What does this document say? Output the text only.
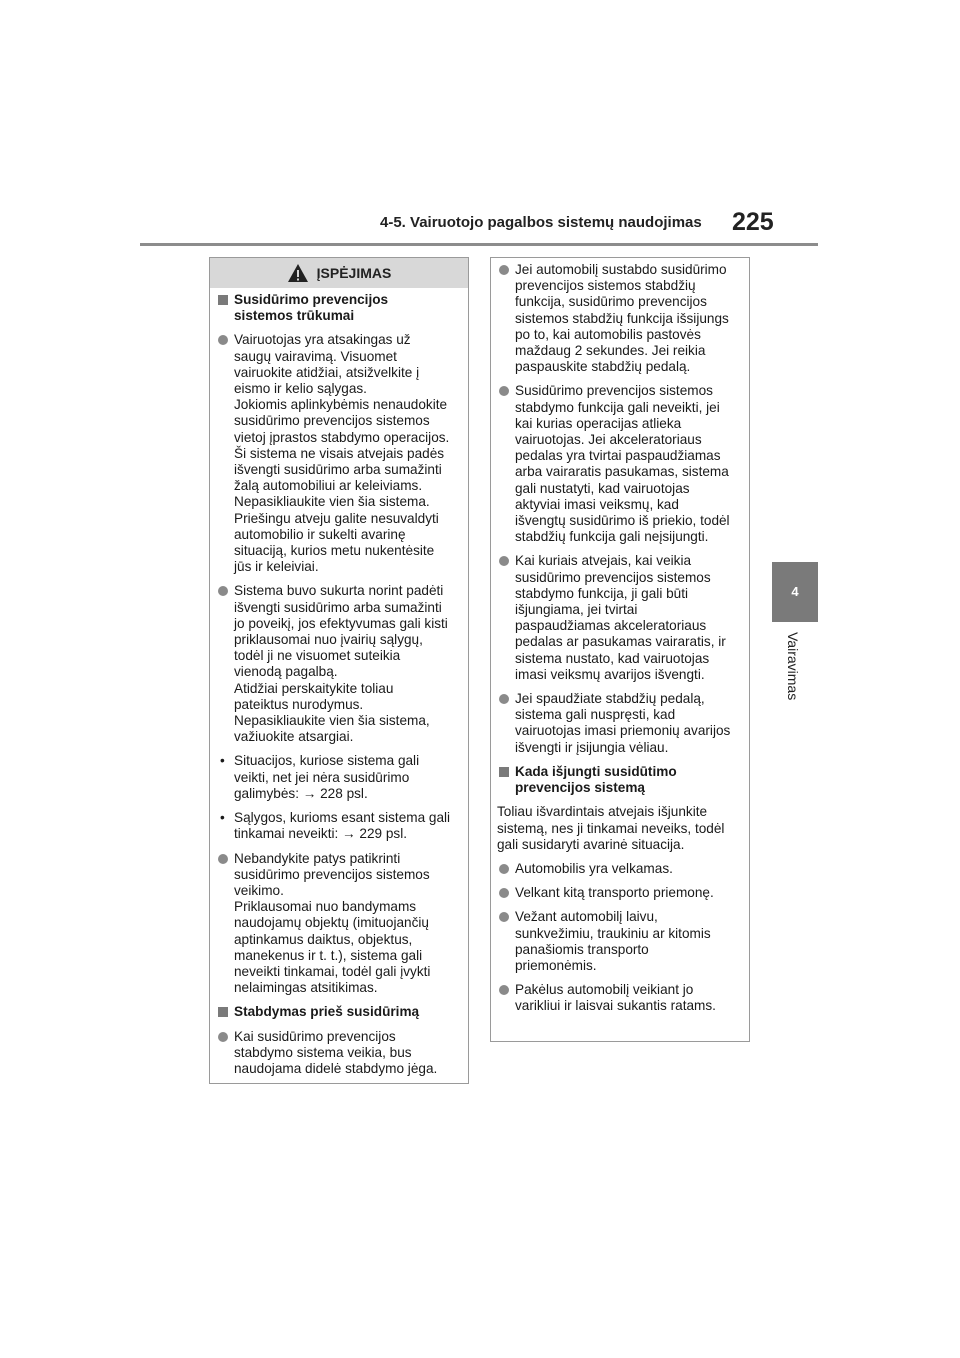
4-5. Vairuotojo pagalbos sistemų naudojimas 225
4
Vairavimas
ĮSPĖJIMAS
Susidūrimo prevencijos
sistemos trūkumai
Vairuotojas yra atsakingas už
saugų vairavimą. Visuomet
vairuokite atidžiai, atsižvelkite į
eismo ir kelio sąlygas.
Jokiomis aplinkybėmis nenaudokite
susidūrimo prevencijos sistemos
vietoj įprastos stabdymo operacijos.
Ši sistema ne visais atvejais padės
išvengti susidūrimo arba sumažinti
žalą automobiliui ar keleiviams.
Nepasikliaukite vien šia sistema.
Priešingu atveju galite nesuvaldyti
automobilio ir sukelti avarinę
situaciją, kurios metu nukentėsite
jūs ir keleiviai.
Sistema buvo sukurta norint padėti
išvengti susidūrimo arba sumažinti
jo poveikį, jos efektyvumas gali kisti
priklausomai nuo įvairių sąlygų,
todėl ji ne visuomet suteikia
vienodą pagalbą.
Atidžiai perskaitykite toliau
pateiktus nurodymus.
Nepasikliaukite vien šia sistema,
važiuokite atsargiai.
• Situacijos, kuriose sistema gali
veikti, net jei nėra susidūrimo
galimybės: → 228 psl.
• Sąlygos, kurioms esant sistema gali
tinkamai neveikti: → 229 psl.
Nebandykite patys patikrinti
susidūrimo prevencijos sistemos
veikimo.
Priklausomai nuo bandymams
naudojamų objektų (imituojančių
aptinkamus daiktus, objektus,
manekenus ir t. t.), sistema gali
neveikti tinkamai, todėl gali įvykti
nelaimingas atsitikimas.
Stabdymas prieš susidūrimą
Kai susidūrimo prevencijos
stabdymo sistema veikia, bus
naudojama didelė stabdymo jėga.
Jei automobilį sustabdo susidūrimo
prevencijos sistemos stabdžių
funkcija, susidūrimo prevencijos
sistemos stabdžių funkcija išsijungs
po to, kai automobilis pastovės
maždaug 2 sekundes. Jei reikia
paspauskite stabdžių pedalą.
Susidūrimo prevencijos sistemos
stabdymo funkcija gali neveikti, jei
kai kurias operacijas atlieka
vairuotojas. Jei akceleratoriaus
pedalas yra tvirtai paspaudžiamas
arba vairaratis pasukamas, sistema
gali nustatyti, kad vairuotojas
aktyviai imasi veiksmų, kad
išvengtų susidūrimo iš priekio, todėl
stabdžių funkcija gali neįsijungti.
Kai kuriais atvejais, kai veikia
susidūrimo prevencijos sistemos
stabdymo funkcija, ji gali būti
išjungiama, jei tvirtai
paspaudžiamas akceleratoriaus
pedalas ar pasukamas vairaratis, ir
sistema nustato, kad vairuotojas
imasi veiksmų avarijos išvengti.
Jei spaudžiate stabdžių pedalą,
sistema gali nuspręsti, kad
vairuotojas imasi priemonių avarijos
išvengti ir įsijungia vėliau.
Kada išjungti susidūtimo
prevencijos sistemą
Toliau išvardintais atvejais išjunkite
sistemą, nes ji tinkamai neveiks, todėl
gali susidaryti avarinė situacija.
Automobilis yra velkamas.
Velkant kitą transporto priemonę.
Vežant automobilį laivu,
sunkvežimiu, traukiniu ar kitomis
panašiomis transporto
priemonėmis.
Pakėlus automobilį veikiant jo
varikliui ir laisvai sukantis ratams.
